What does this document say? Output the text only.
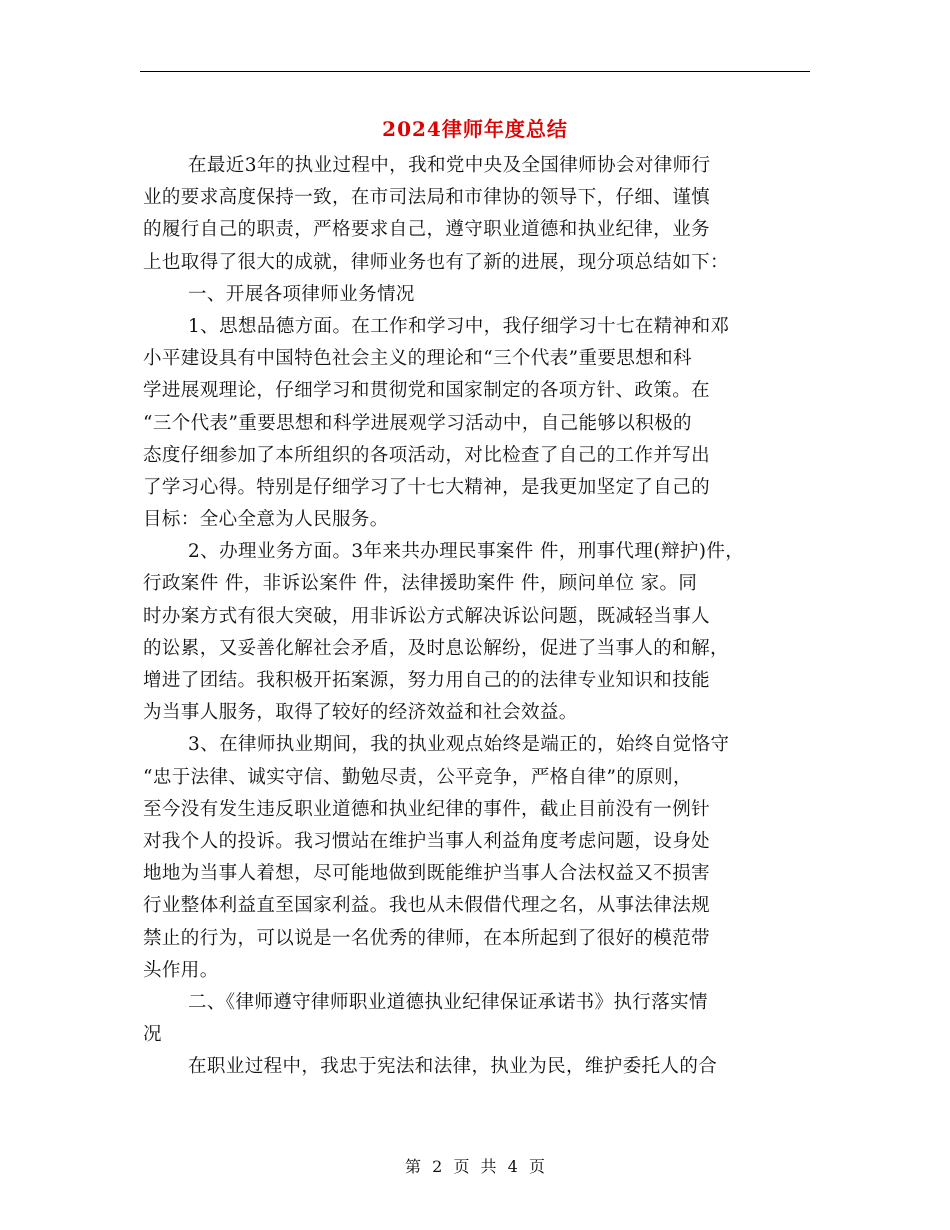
2024律师年度总结
在最近3年的执业过程中，我和党中央及全国律师协会对律师行
业的要求高度保持一致，在市司法局和市律协的领导下，仔细、谨慎
的履行自己的职责，严格要求自己，遵守职业道德和执业纪律，业务
上也取得了很大的成就，律师业务也有了新的进展，现分项总结如下：
一、开展各项律师业务情况
1、思想品德方面。在工作和学习中，我仔细学习十七在精神和邓
小平建设具有中国特色社会主义的理论和“三个代表”重要思想和科
学进展观理论，仔细学习和贯彻党和国家制定的各项方针、政策。在
“三个代表”重要思想和科学进展观学习活动中，自己能够以积极的
态度仔细参加了本所组织的各项活动，对比检查了自己的工作并写出
了学习心得。特别是仔细学习了十七大精神，是我更加坚定了自己的
目标：全心全意为人民服务。
2、办理业务方面。3年来共办理民事案件 件，刑事代理(辩护)件，
行政案件 件，非诉讼案件 件，法律援助案件 件，顾问单位 家。同
时办案方式有很大突破，用非诉讼方式解决诉讼问题，既减轻当事人
的讼累，又妥善化解社会矛盾，及时息讼解纷，促进了当事人的和解，
增进了团结。我积极开拓案源，努力用自己的的法律专业知识和技能
为当事人服务，取得了较好的经济效益和社会效益。
3、在律师执业期间，我的执业观点始终是端正的，始终自觉恪守
“忠于法律、诚实守信、勤勉尽责，公平竞争，严格自律”的原则，
至今没有发生违反职业道德和执业纪律的事件，截止目前没有一例针
对我个人的投诉。我习惯站在维护当事人利益角度考虑问题，设身处
地地为当事人着想，尽可能地做到既能维护当事人合法权益又不损害
行业整体利益直至国家利益。我也从未假借代理之名，从事法律法规
禁止的行为，可以说是一名优秀的律师，在本所起到了很好的模范带
头作用。
二、《律师遵守律师职业道德执业纪律保证承诺书》执行落实情
况
在职业过程中，我忠于宪法和法律，执业为民，维护委托人的合
第 2 页 共 4 页
